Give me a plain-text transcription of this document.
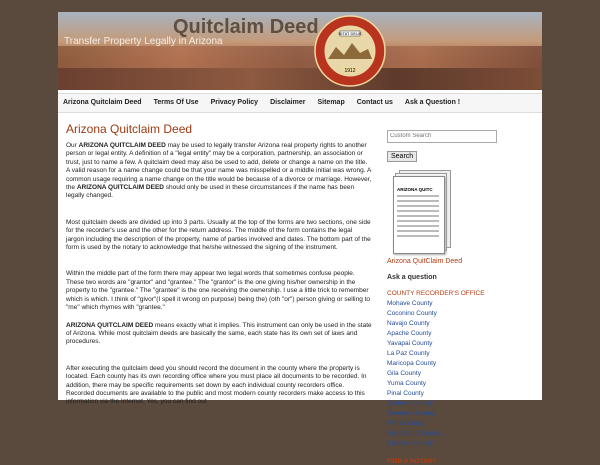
Quitclaim Deed
Transfer Property Legally in Arizona
DITAT DEUS
1912
Arizona Quitclaim Deed Terms Of Use Privacy Policy Disclaimer Sitemap Contact us Ask a Question !
Arizona Quitclaim Deed

Our ARIZONA QUITCLAIM DEED may be used to legally transfer Arizona real property rights to another person or legal entity. A definition of a "legal entity" may be a corporation, partnership, an association or trust, just to name a few. A quitclaim deed may also be used to add, delete or change a name on the title. A valid reason for a name change could be that your name was misspelled or a middle initial was wrong. A common usage requiring a name change on the title would be because of a divorce or marriage. However, the ARIZONA QUITCLAIM DEED should only be used in these circumstances if the name has been legally changed.

Most quitclaim deeds are divided up into 3 parts. Usually at the top of the forms are two sections, one side for the recorder's use and the other for the return address. The middle of the form contains the legal jargon including the description of the property, name of parties involved and dates. The bottom part of the form is used by the notary to acknowledge that he/she witnessed the signing of the instrument.

Within the middle part of the form there may appear two legal words that sometimes confuse people. These two words are "grantor" and "grantee." The "grantor" is the one giving his/her ownership in the property to the "grantee." The "grantee" is the one receiving the ownership. I use a little trick to remember which is which. I think of "givor"(I spell it wrong on purpose) being the) (oth "or") person giving or selling to "me" which rhymes with "grantee."

ARIZONA QUITCLAIM DEED means exactly what it implies. This instrument can only be used in the state of Arizona. While most quitclaim deeds are basically the same, each state has its own set of laws and procedures.

After executing the quitclaim deed you should record the document in the county where the property is located. Each county has its own recording office where you must place all documents to be recorded. In addition, there may be specific requirements set down by each individual county recorders office. Recorded documents are available to the public and most modern county recorders make access to this information via the Internet. Yes, you can find out

Custom Search
Search
ARIZONA QUITC
Arizona QuitClaim Deed
Ask a question
COUNTY RECORDER'S OFFICE
Mohave County
Coconino County
Navajo County
Apache County
Yavapai County
La Paz County
Maricopa County
Gila County
Yuma County
Pinal County
Graham County
Greenlee County
Pima County
Santa Cruz County
Cochise County
FIND A NOTARY
